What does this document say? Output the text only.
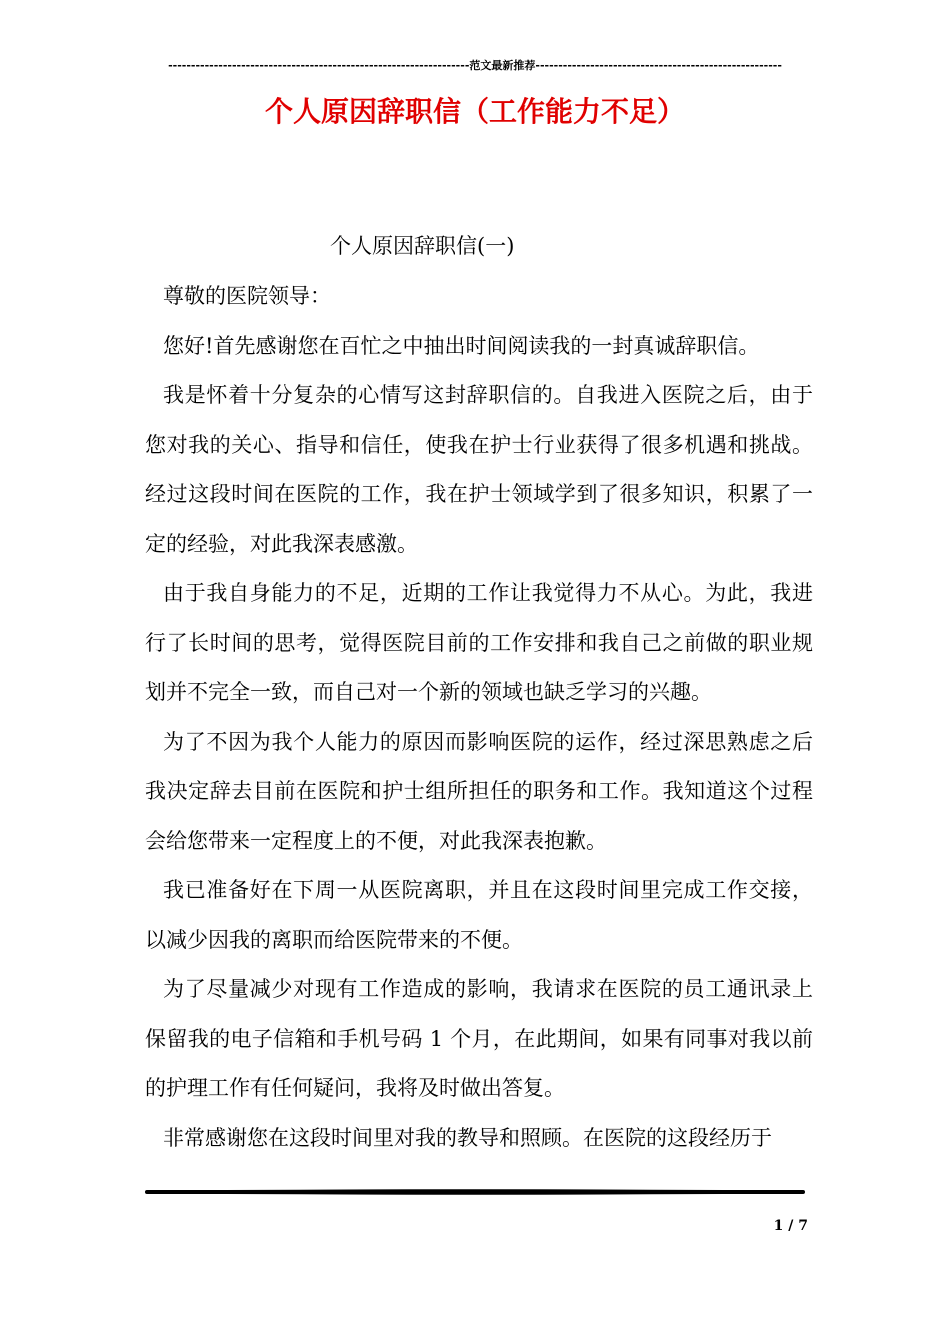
------------------------------------------------------------------范文最新推荐------------------------------------------------------
个人原因辞职信（工作能力不足）
个人原因辞职信(一)

尊敬的医院领导：

您好!首先感谢您在百忙之中抽出时间阅读我的一封真诚辞职信。

我是怀着十分复杂的心情写这封辞职信的。自我进入医院之后，由于您对我的关心、指导和信任，使我在护士行业获得了很多机遇和挑战。经过这段时间在医院的工作，我在护士领域学到了很多知识，积累了一定的经验，对此我深表感激。

由于我自身能力的不足，近期的工作让我觉得力不从心。为此，我进行了长时间的思考，觉得医院目前的工作安排和我自己之前做的职业规划并不完全一致，而自己对一个新的领域也缺乏学习的兴趣。

为了不因为我个人能力的原因而影响医院的运作，经过深思熟虑之后我决定辞去目前在医院和护士组所担任的职务和工作。我知道这个过程会给您带来一定程度上的不便，对此我深表抱歉。

我已准备好在下周一从医院离职，并且在这段时间里完成工作交接，以减少因我的离职而给医院带来的不便。

为了尽量减少对现有工作造成的影响，我请求在医院的员工通讯录上保留我的电子信箱和手机号码 1 个月，在此期间，如果有同事对我以前的护理工作有任何疑问，我将及时做出答复。

非常感谢您在这段时间里对我的教导和照顾。在医院的这段经历于

1 / 7
